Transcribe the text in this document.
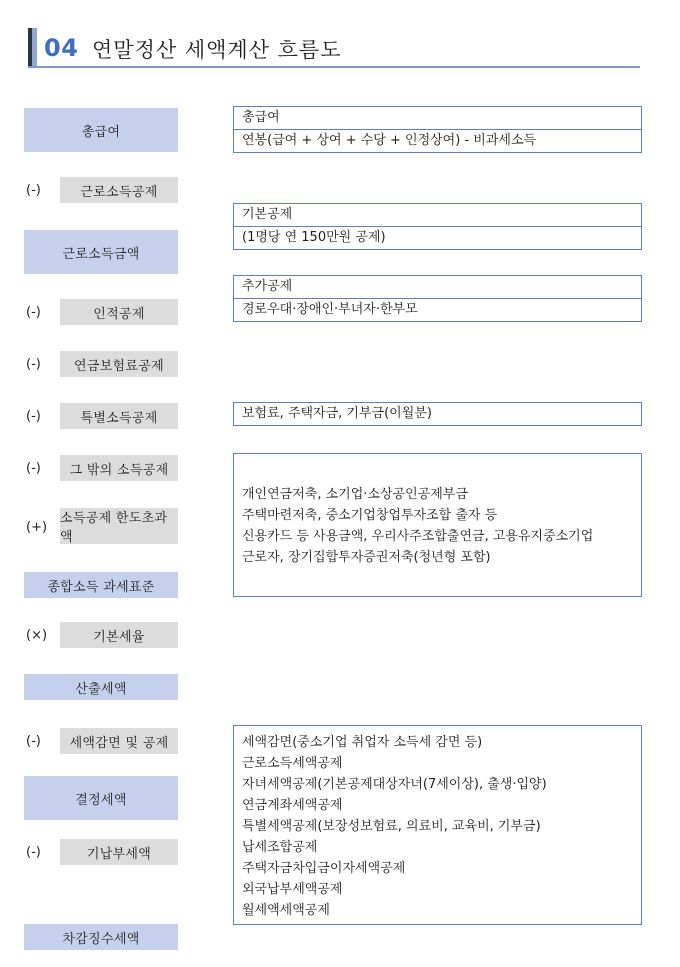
04 연말정산 세액계산 흐름도
총급여
(-)	근로소득공제
근로소득금액
(-)	인적공제
(-)	연금보험료공제
(-)	특별소득공제
(-)	그 밖의 소득공제
(+)
소득공제 한도초과액
종합소득 과세표준
(×)	기본세율
산출세액
(-)	세액감면 및 공제
결정세액
(-)	기납부세액
차감징수세액
총급여
연봉(급여 + 상여 + 수당 + 인정상여) - 비과세소득
기본공제
(1명당 연 150만원 공제)
추가공제
경로우대·장애인·부녀자·한부모
보험료, 주택자금, 기부금(이월분)
개인연금저축, 소기업·소상공인공제부금
주택마련저축, 중소기업창업투자조합 출자 등
신용카드 등 사용금액, 우리사주조합출연금, 고용유지중소기업
근로자, 장기집합투자증권저축(청년형 포함)
세액감면(중소기업 취업자 소득세 감면 등)
근로소득세액공제
자녀세액공제(기본공제대상자녀(7세이상), 출생·입양)
연금계좌세액공제
특별세액공제(보장성보험료, 의료비, 교육비, 기부금)
납세조합공제
주택자금차입금이자세액공제
외국납부세액공제
월세액세액공제
